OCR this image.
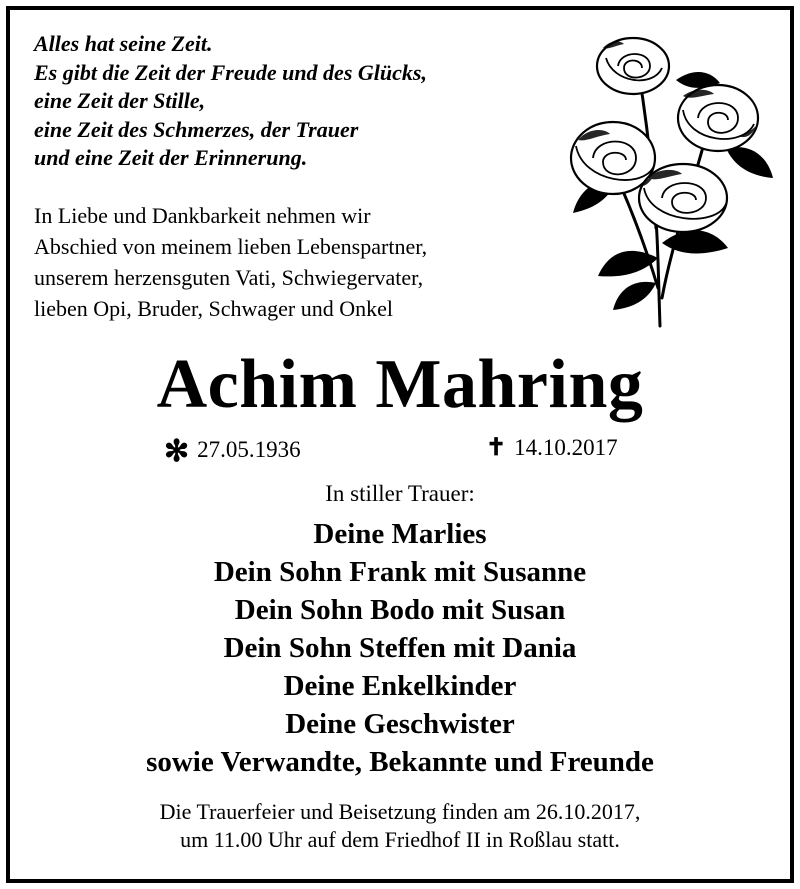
Alles hat seine Zeit.
Es gibt die Zeit der Freude und des Glücks,
eine Zeit der Stille,
eine Zeit des Schmerzes, der Trauer
und eine Zeit der Erinnerung.
In Liebe und Dankbarkeit nehmen wir
Abschied von meinem lieben Lebenspartner,
unserem herzensguten Vati, Schwiegervater,
lieben Opi, Bruder, Schwager und Onkel
Achim Mahring
✻ 27.05.1936	✝ 14.10.2017
In stiller Trauer:
Deine Marlies
Dein Sohn Frank mit Susanne
Dein Sohn Bodo mit Susan
Dein Sohn Steffen mit Dania
Deine Enkelkinder
Deine Geschwister
sowie Verwandte, Bekannte und Freunde
Die Trauerfeier und Beisetzung finden am 26.10.2017,
um 11.00 Uhr auf dem Friedhof II in Roßlau statt.
